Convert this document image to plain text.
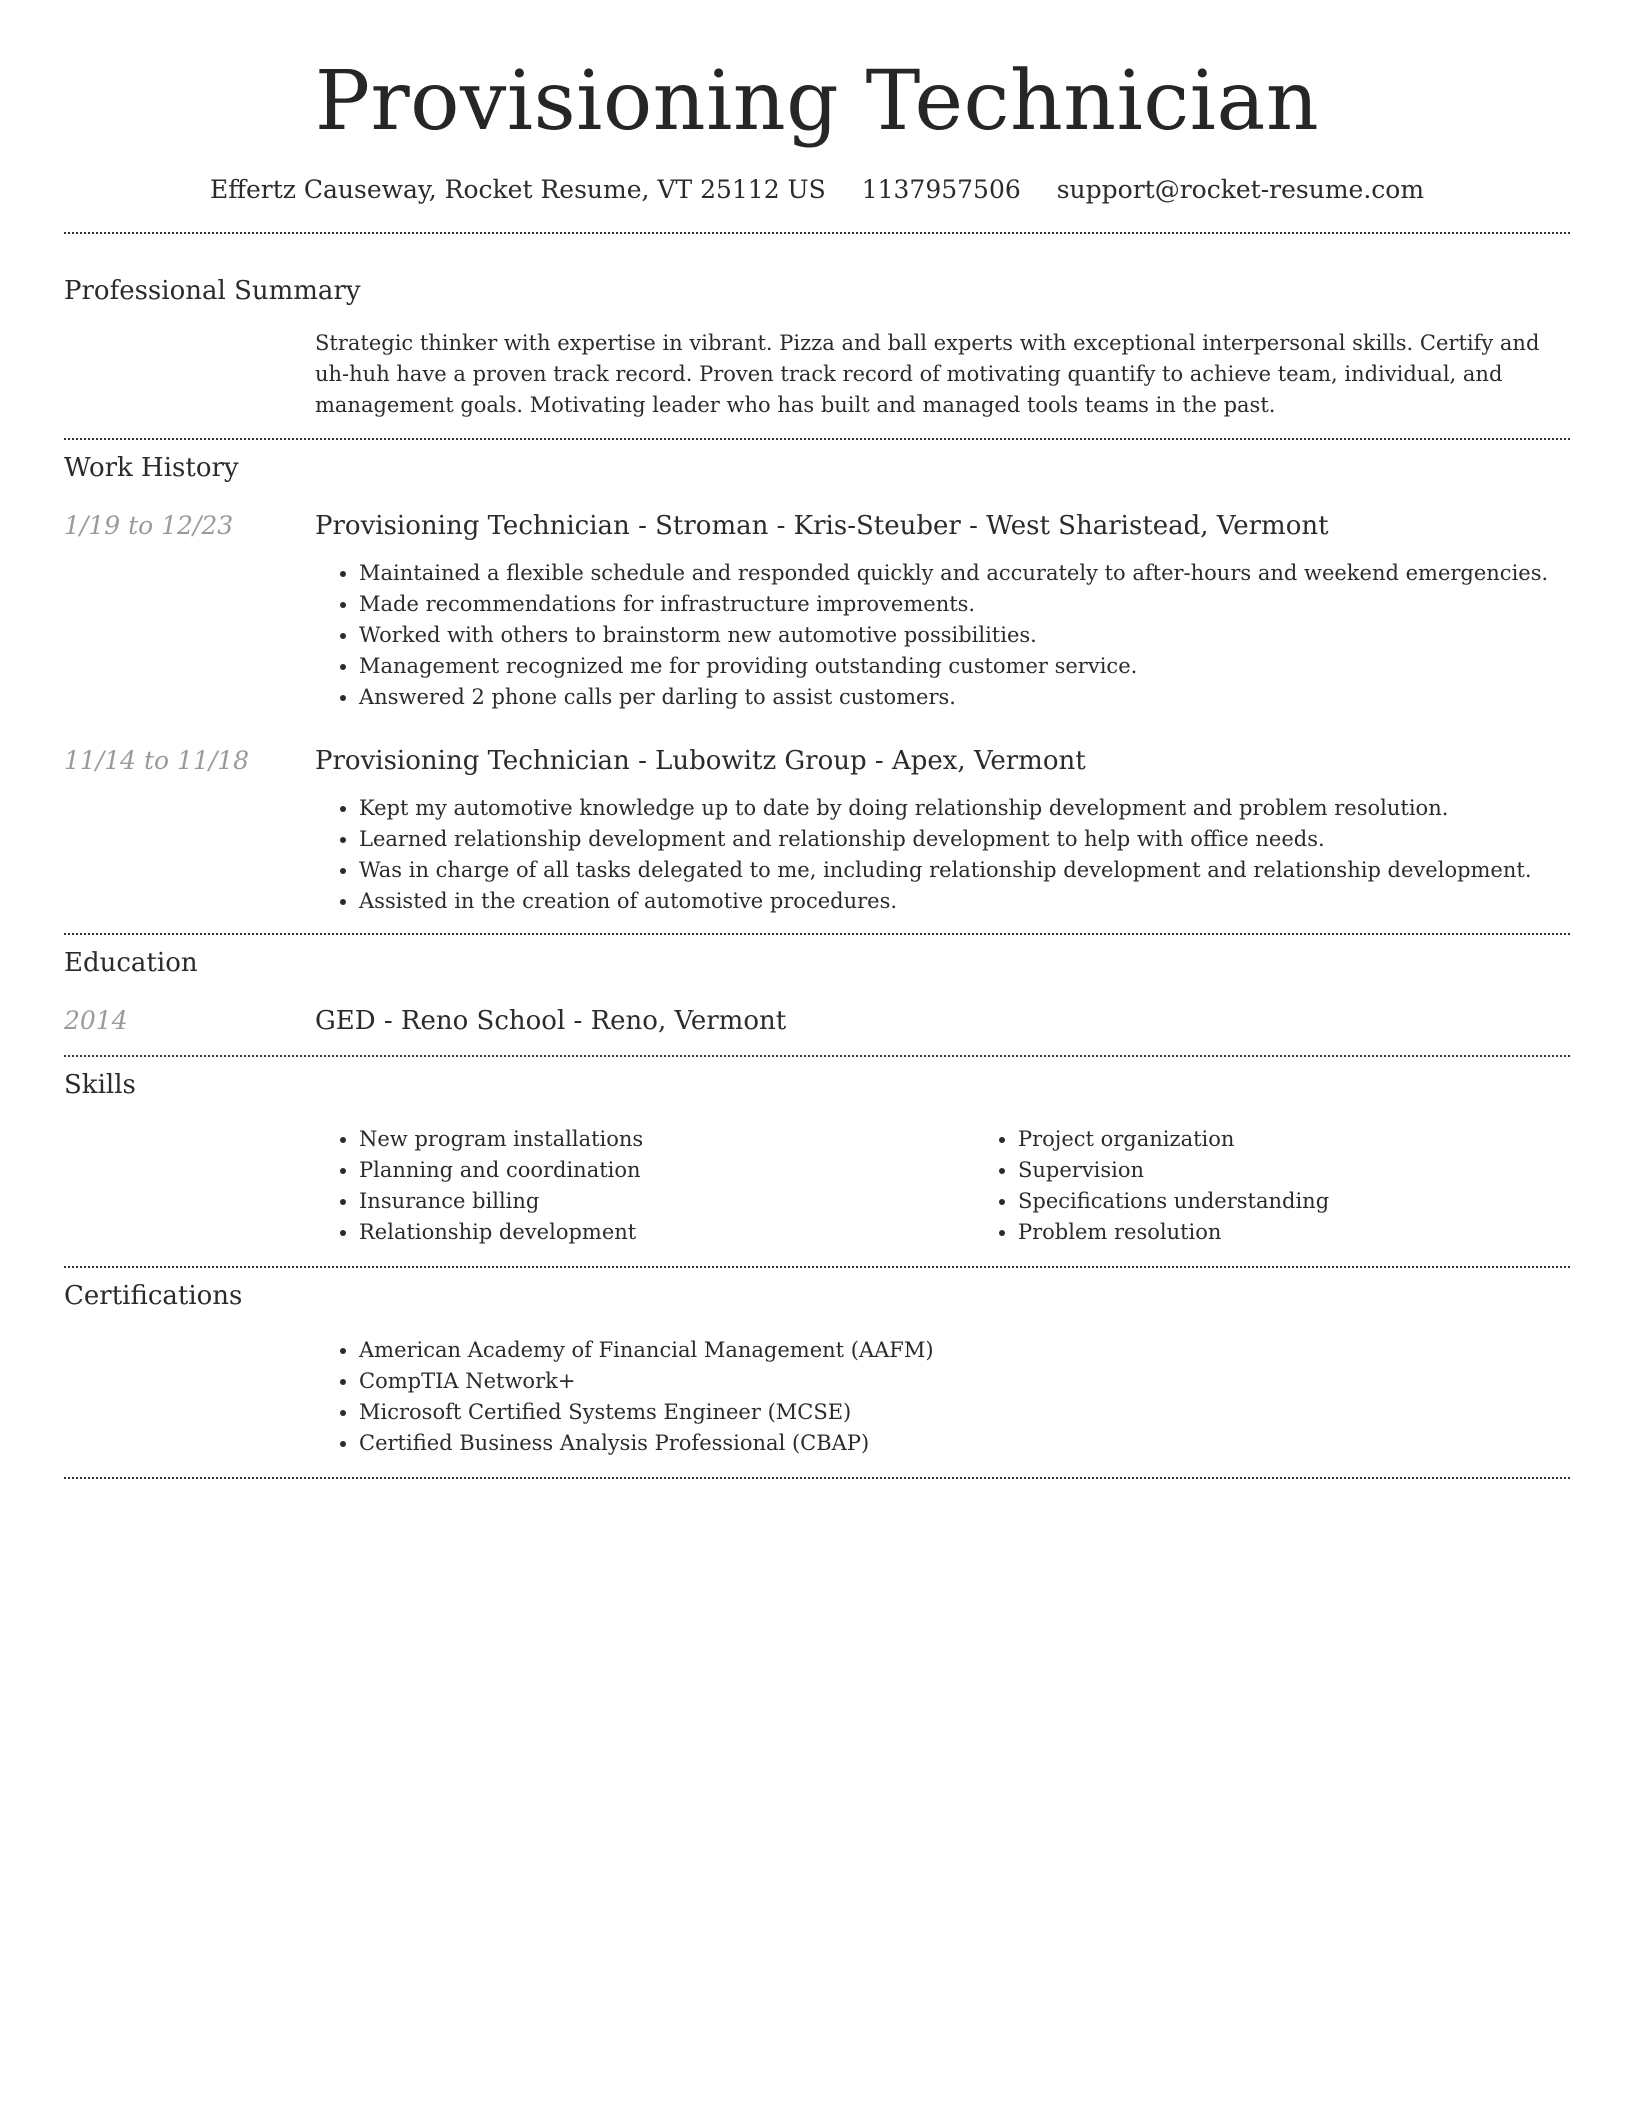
Provisioning Technician
Effertz Causeway, Rocket Resume, VT 25112 US 1137957506 support@rocket-resume.com
Professional Summary

Strategic thinker with expertise in vibrant. Pizza and ball experts with exceptional interpersonal skills. Certify and uh-huh have a proven track record. Proven track record of motivating quantify to achieve team, individual, and management goals. Motivating leader who has built and managed tools teams in the past.

Work History
1/19 to 12/23	Provisioning Technician - Stroman - Kris-Steuber - West Sharistead, Vermont
• Maintained a flexible schedule and responded quickly and accurately to after-hours and weekend emergencies.
• Made recommendations for infrastructure improvements.
• Worked with others to brainstorm new automotive possibilities.
• Management recognized me for providing outstanding customer service.
• Answered 2 phone calls per darling to assist customers.
11/14 to 11/18	Provisioning Technician - Lubowitz Group - Apex, Vermont
• Kept my automotive knowledge up to date by doing relationship development and problem resolution.
• Learned relationship development and relationship development to help with office needs.
• Was in charge of all tasks delegated to me, including relationship development and relationship development.
• Assisted in the creation of automotive procedures.
Education
2014	GED - Reno School - Reno, Vermont
Skills
• New program installations
• Planning and coordination
• Insurance billing
• Relationship development
• Project organization
• Supervision
• Specifications understanding
• Problem resolution
Certifications
• American Academy of Financial Management (AAFM)
• CompTIA Network+
• Microsoft Certified Systems Engineer (MCSE)
• Certified Business Analysis Professional (CBAP)
